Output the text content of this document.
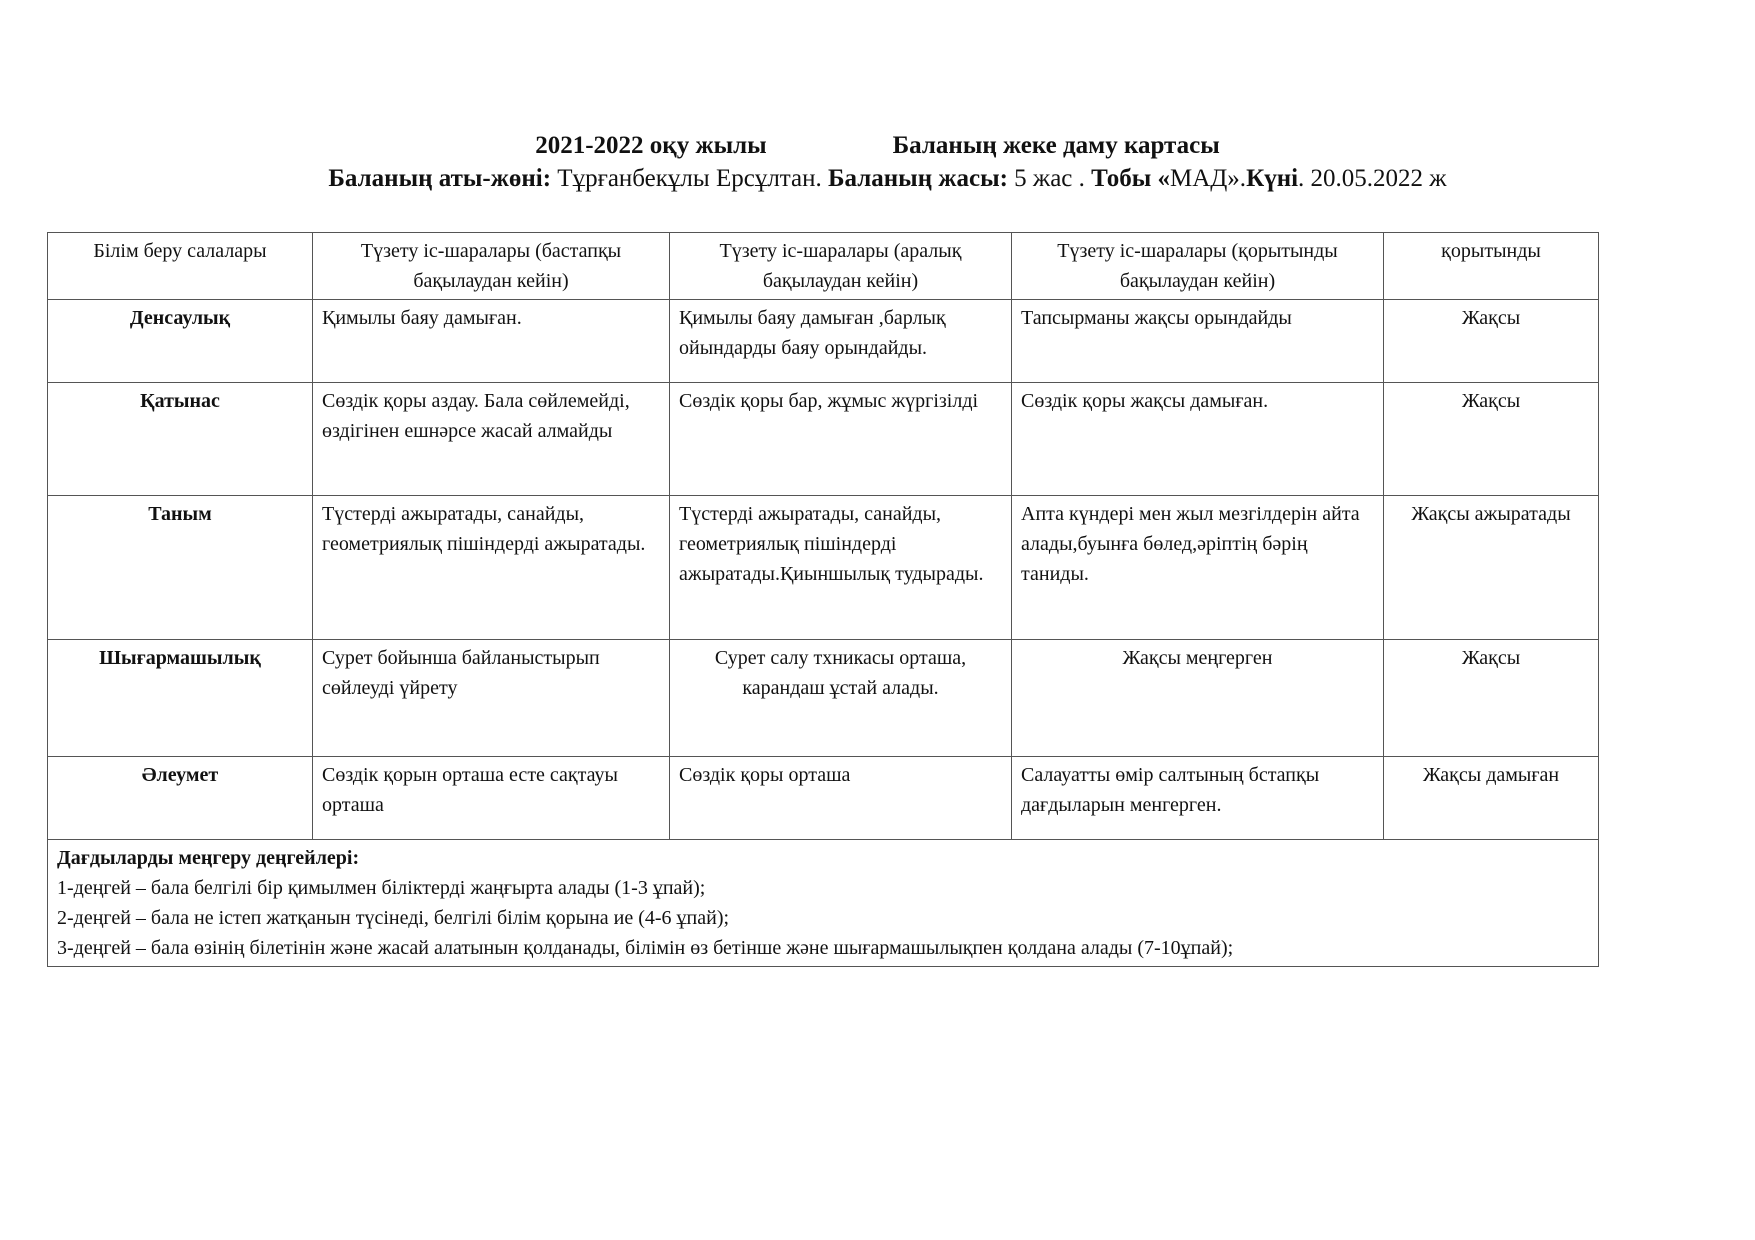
2021-2022 оқу жылы	Баланың жеке даму картасы
Баланың аты-жөні: Тұрғанбекұлы Ерсұлтан. Баланың жасы: 5 жас . Тобы «МАД».Күні. 20.05.2022 ж
Білім беру салалары	Түзету іс-шаралары (бастапқы бақылаудан кейін)	Түзету іс-шаралары (аралық бақылаудан кейін)	Түзету іс-шаралары (қорытынды бақылаудан кейін)	қорытынды
Денсаулық	Қимылы баяу дамыған.	Қимылы баяу дамыған ,барлық ойындарды баяу орындайды.	Тапсырманы жақсы орындайды	Жақсы
Қатынас	Сөздік қоры аздау. Бала сөйлемейді, өздігінен ешнәрсе жасай алмайды	Сөздік қоры бар, жұмыс жүргізілді	Сөздік қоры жақсы дамыған.	Жақсы
Таным	Түстерді ажыратады, санайды, геометриялық пішіндерді ажыратады.	Түстерді ажыратады, санайды, геометриялық пішіндерді ажыратады.Қиыншылық тудырады.	Апта күндері мен жыл мезгілдерін айта алады,буынға бөлед,әріптің бәрің таниды.	Жақсы ажыратады
Шығармашылық	Сурет бойынша байланыстырып сөйлеуді үйрету	Сурет салу тхникасы орташа, карандаш ұстай алады.	Жақсы меңгерген	Жақсы
Әлеумет	Сөздік қорын орташа есте сақтауы орташа	Сөздік қоры орташа	Салауатты өмір салтының бстапқы дағдыларын менгерген.	Жақсы дамыған

Дағдыларды меңгеру деңгейлері:
1-деңгей – бала белгілі бір қимылмен біліктерді жаңғырта алады (1-3 ұпай);
2-деңгей – бала не істеп жатқанын түсінеді, белгілі білім қорына ие (4-6 ұпай);
3-деңгей – бала өзінің білетінін және жасай алатынын қолданады, білімін өз бетінше және шығармашылықпен қолдана алады (7-10ұпай);				
